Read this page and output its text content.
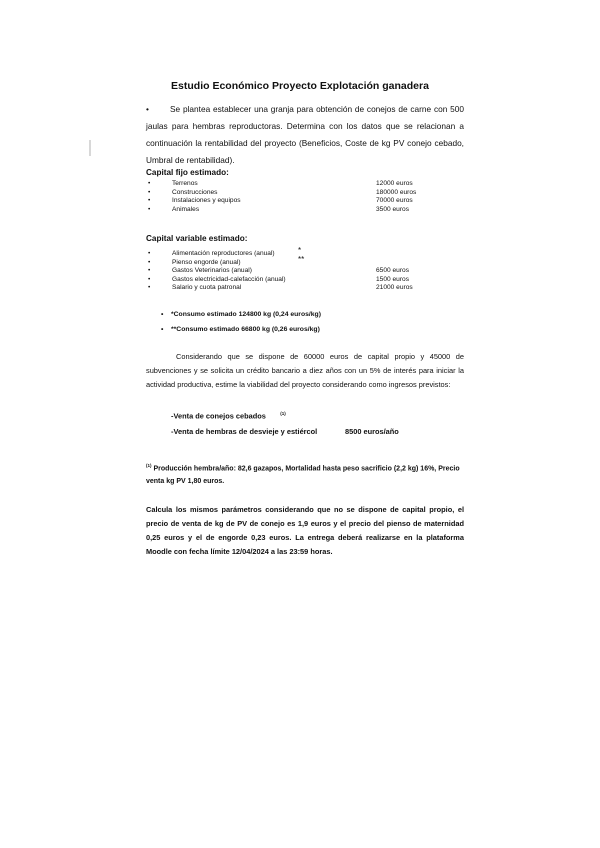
Estudio Económico Proyecto Explotación ganadera
•	Se plantea establecer una granja para obtención de conejos de carne con 500 jaulas para hembras reproductoras. Determina con los datos que se relacionan a continuación la rentabilidad del proyecto (Beneficios, Coste de kg PV conejo cebado, Umbral de rentabilidad).
Capital fijo estimado:
•	Terrenos	12000 euros
•	Construcciones	180000 euros
•	Instalaciones y equipos	70000 euros
•	Animales	3500 euros
Capital variable estimado:
•	Alimentación reproductores (anual)	*
•	Pienso engorde (anual)	**
•	Gastos Veterinarios (anual)	6500 euros
•	Gastos electricidad-calefacción (anual)	1500 euros
•	Salario y cuota patronal	21000 euros
• *Consumo estimado 124800 kg (0,24 euros/kg)
• **Consumo estimado 66800 kg (0,26 euros/kg)
Considerando que se dispone de 60000 euros de capital propio y 45000 de subvenciones y se solicita un crédito bancario a diez años con un 5% de interés para iniciar la actividad productiva, estime la viabilidad del proyecto considerando como ingresos previstos:
-Venta de conejos cebados	$^{(1)}$
-Venta de hembras de desvieje y estiércol	8500 euros/año
$^{(1)}$ Producción hembra/año: 82,6 gazapos, Mortalidad hasta peso sacrificio (2,2 kg) 16%, Precio venta kg PV 1,80 euros.
Calcula los mismos parámetros considerando que no se dispone de capital propio, el precio de venta de kg de PV de conejo es 1,9 euros y el precio del pienso de maternidad 0,25 euros y el de engorde 0,23 euros. La entrega deberá realizarse en la plataforma Moodle con fecha límite 12/04/2024 a las 23:59 horas.
